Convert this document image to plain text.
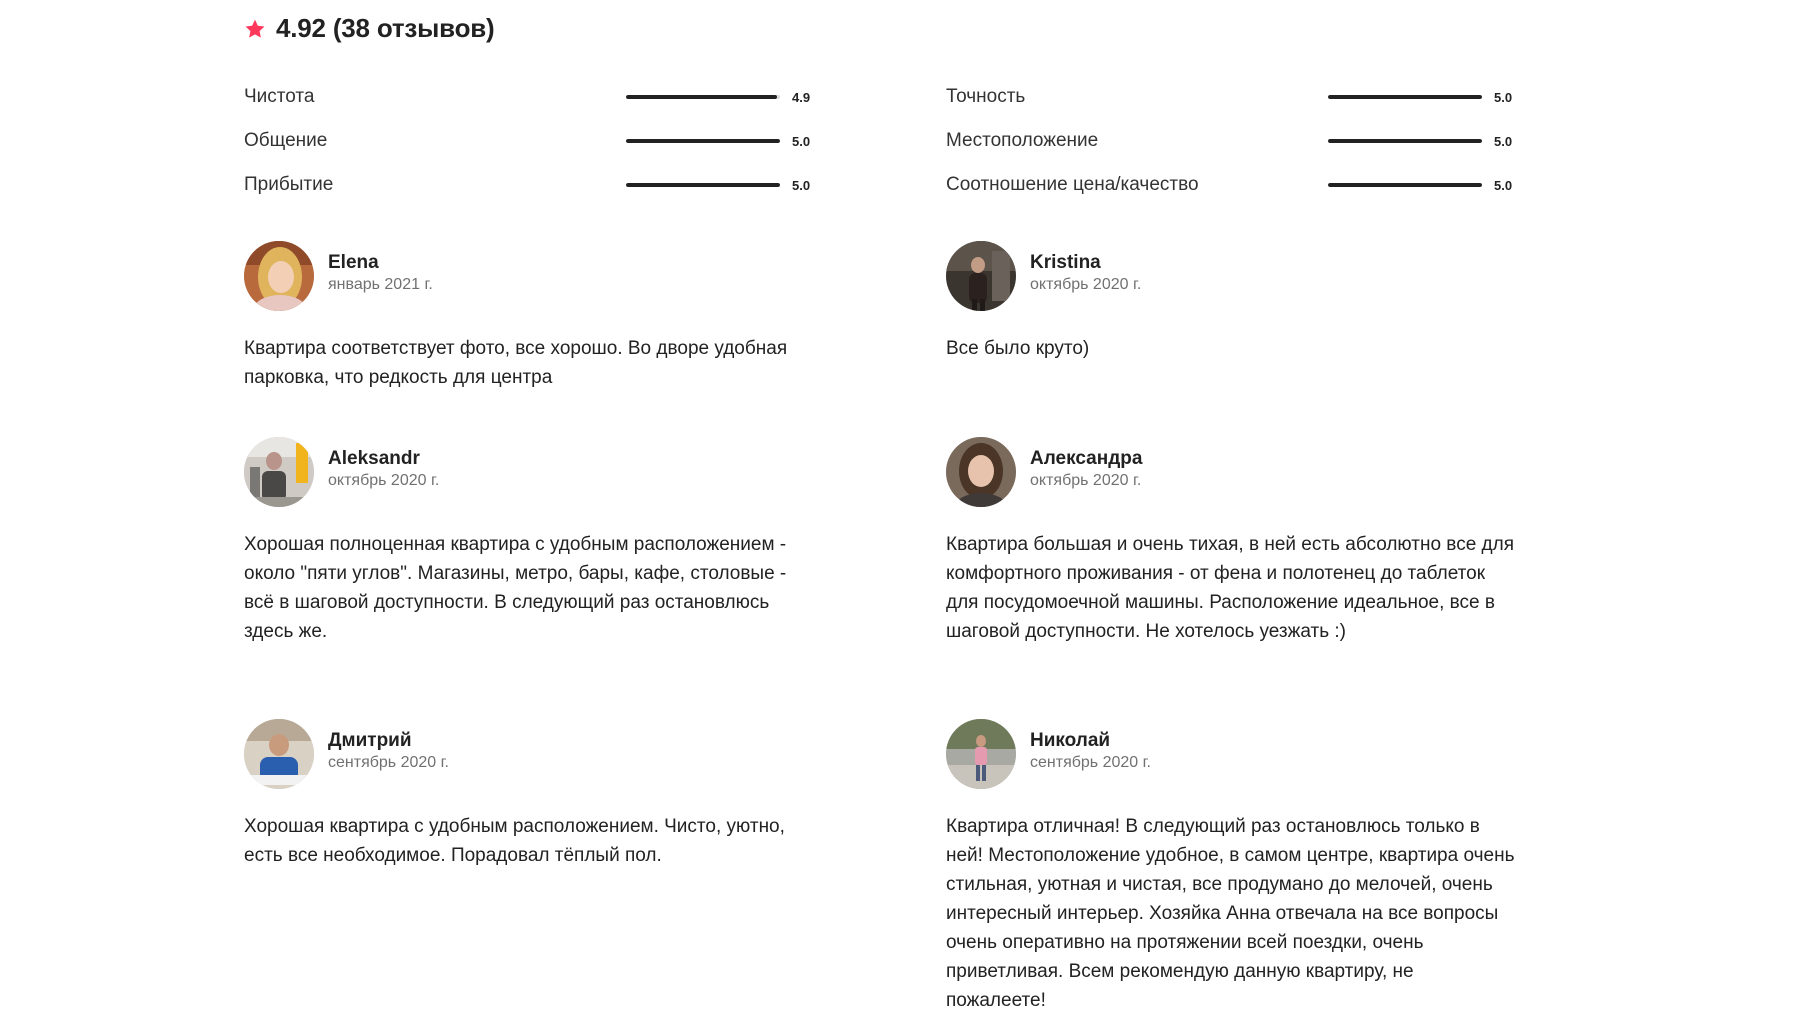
4.92 (38 отзывов)
Чистота	4.9
Общение	5.0
Прибытие	5.0
Точность	5.0
Местоположение	5.0
Соотношение цена/качество	5.0
Elena
январь 2021 г.
Квартира соответствует фото, все хорошо. Во дворе удобная парковка, что редкость для центра
Kristina
октябрь 2020 г.
Все было круто)
Aleksandr
октябрь 2020 г.
Хорошая полноценная квартира с удобным расположением - около "пяти углов". Магазины, метро, бары, кафе, столовые - всё в шаговой доступности. В следующий раз остановлюсь здесь же.
Александра
октябрь 2020 г.
Квартира большая и очень тихая, в ней есть абсолютно все для комфортного проживания - от фена и полотенец до таблеток для посудомоечной машины. Расположение идеальное, все в шаговой доступности. Не хотелось уезжать :)
Дмитрий
сентябрь 2020 г.
Хорошая квартира с удобным расположением. Чисто, уютно, есть все необходимое. Порадовал тёплый пол.
Николай
сентябрь 2020 г.
Квартира отличная! В следующий раз остановлюсь только в ней! Местоположение удобное, в самом центре, квартира очень стильная, уютная и чистая, все продумано до мелочей, очень интересный интерьер. Хозяйка Анна отвечала на все вопросы очень оперативно на протяжении всей поездки, очень приветливая. Всем рекомендую данную квартиру, не пожалеете!
